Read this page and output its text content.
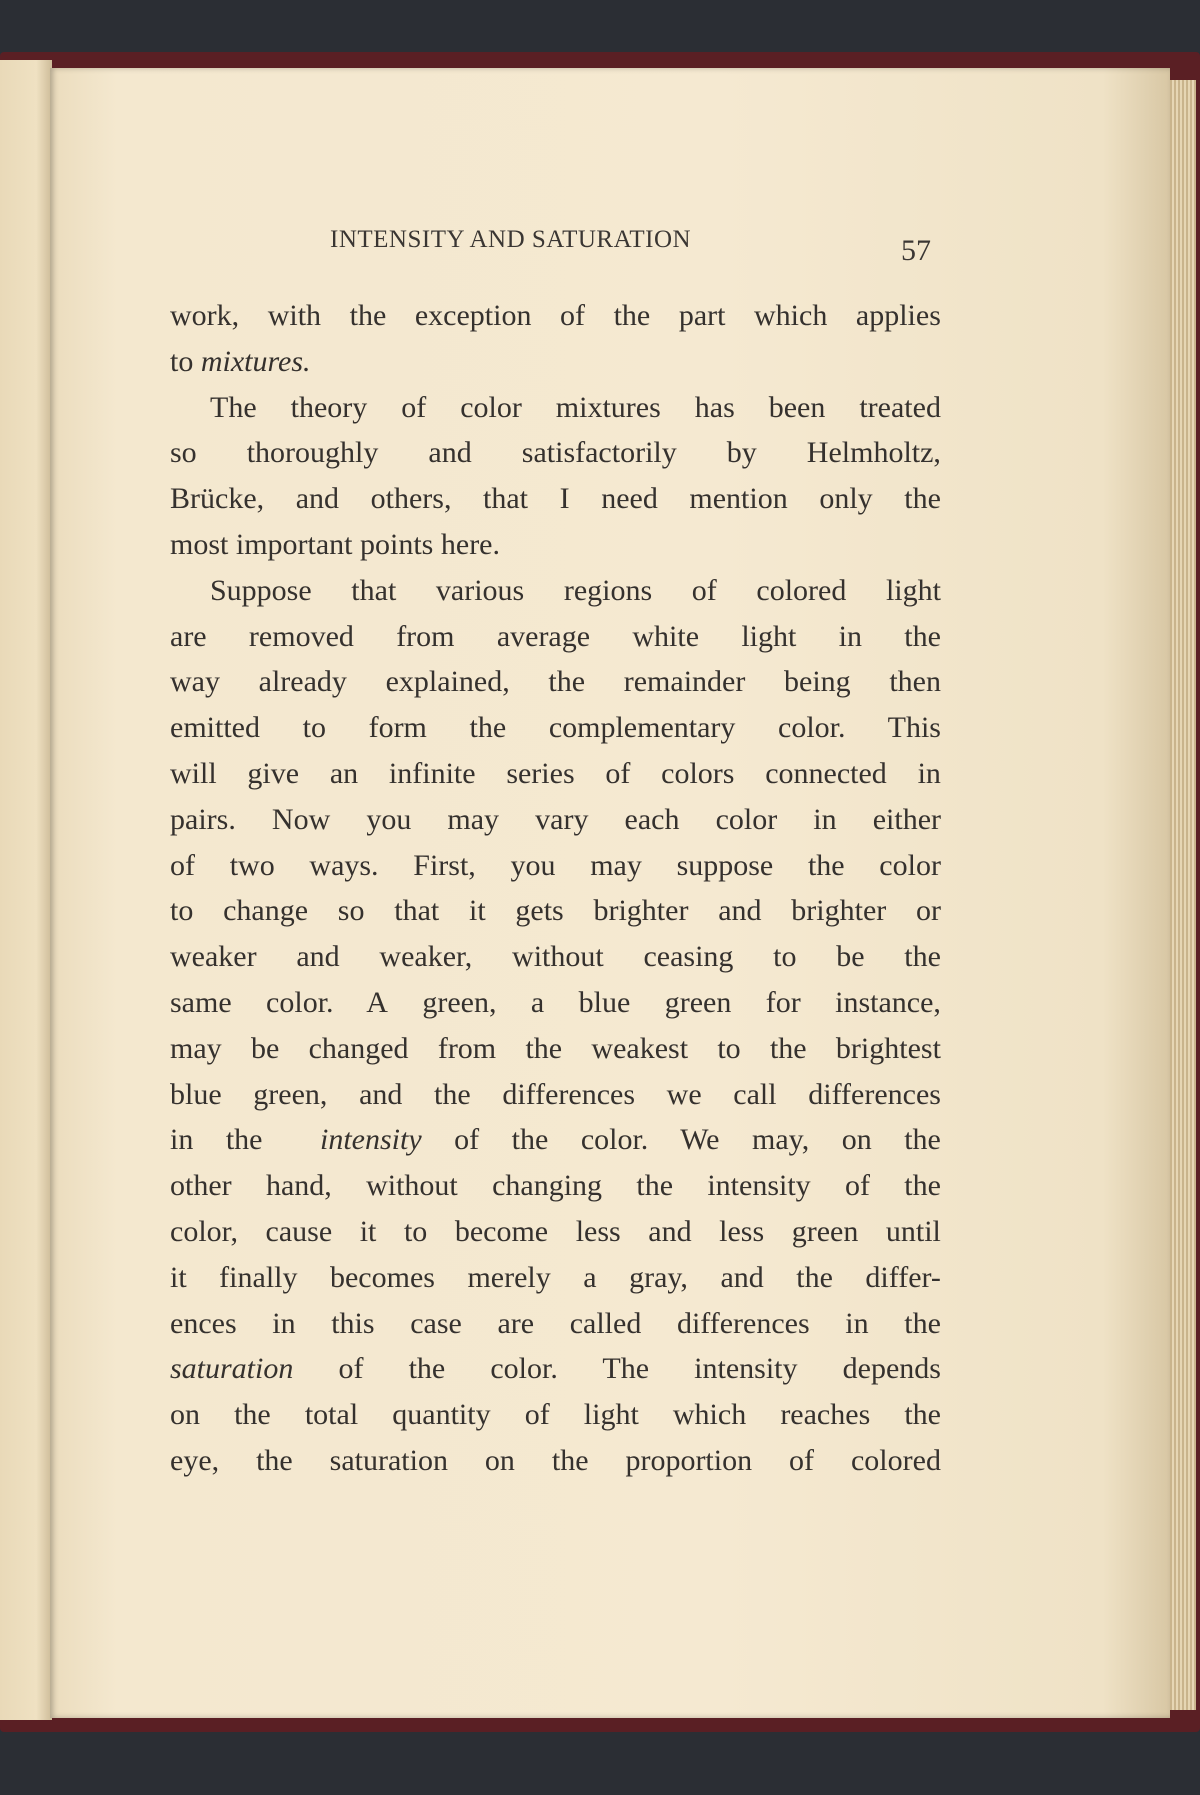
INTENSITY AND SATURATION	57
work, with the exception of the part which applies
to
mixtures.
The theory of color mixtures has been treated
so thoroughly and satisfactorily by Helmholtz,
Brücke, and others, that I need mention only the
most important points here.
Suppose that various regions of colored light
are removed from average white light in the
way already explained, the remainder being then
emitted to form the complementary color. This
will give an infinite series of colors connected in
pairs. Now you may vary each color in either
of two ways. First, you may suppose the color
to change so that it gets brighter and brighter or
weaker and weaker, without ceasing to be the
same color. A green, a blue green for instance,
may be changed from the weakest to the brightest
blue green, and the differences we call differences
in the
intensity of the color. We may, on the
other hand, without changing the intensity of the
color, cause it to become less and less green until
it finally becomes merely a gray, and the differ-
ences in this case are called differences in the
saturation of the color. The intensity depends
on the total quantity of light which reaches the
eye, the saturation on the proportion of colored
